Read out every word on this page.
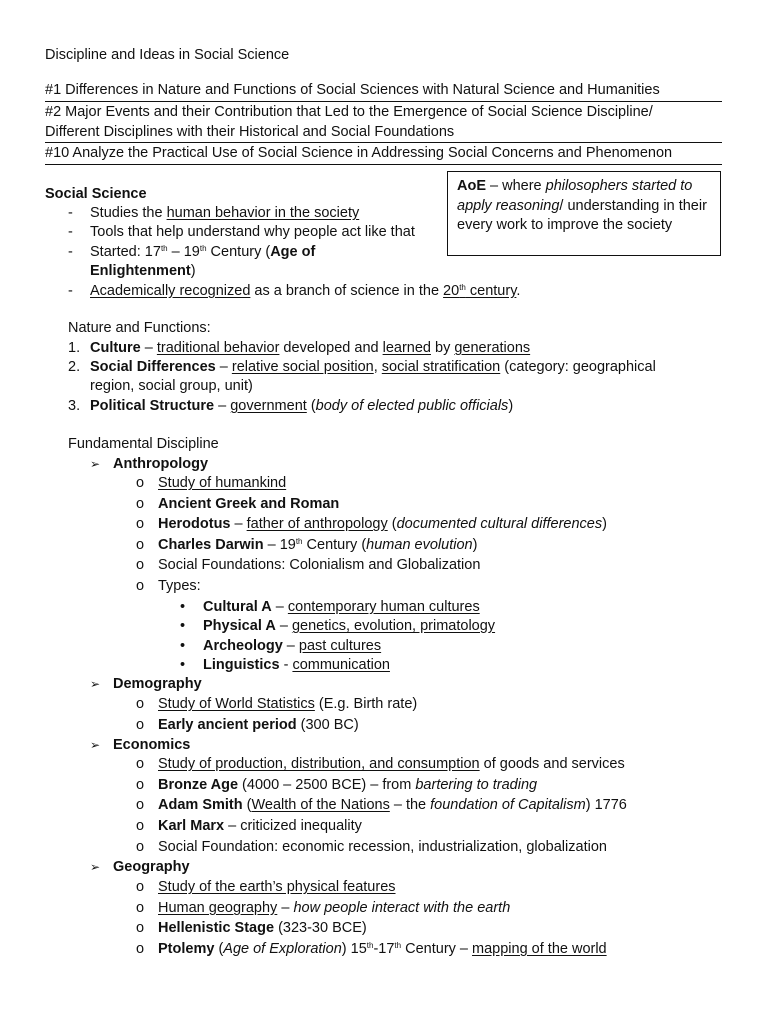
Discipline and Ideas in Social Science
#1 Differences in Nature and Functions of Social Sciences with Natural Science and Humanities
#2 Major Events and their Contribution that Led to the Emergence of Social Science Discipline/
Different Disciplines with their Historical and Social Foundations
#10 Analyze the Practical Use of Social Science in Addressing Social Concerns and Phenomenon
AoE – where philosophers started to apply reasoning/ understanding in their every work to improve the society
Social Science
- Studies the human behavior in the society
- Tools that help understand why people act like that
- Started: 17th – 19th Century (Age of
Enlightenment)
- Academically recognized as a branch of science in the 20th century.
Nature and Functions:
1. Culture – traditional behavior developed and learned by generations
2. Social Differences – relative social position, social stratification (category: geographical
region, social group, unit)
3. Political Structure – government (body of elected public officials)
Fundamental Discipline
➢ Anthropology
o Study of humankind
o Ancient Greek and Roman
o Herodotus – father of anthropology (documented cultural differences)
o Charles Darwin – 19th Century (human evolution)
o Social Foundations: Colonialism and Globalization
o Types:
• Cultural A – contemporary human cultures
• Physical A – genetics, evolution, primatology
• Archeology – past cultures
• Linguistics - communication
➢ Demography
o Study of World Statistics (E.g. Birth rate)
o Early ancient period (300 BC)
➢ Economics
o Study of production, distribution, and consumption of goods and services
o Bronze Age (4000 – 2500 BCE) – from bartering to trading
o Adam Smith (Wealth of the Nations – the foundation of Capitalism) 1776
o Karl Marx – criticized inequality
o Social Foundation: economic recession, industrialization, globalization
➢ Geography
o Study of the earth’s physical features
o Human geography – how people interact with the earth
o Hellenistic Stage (323-30 BCE)
o Ptolemy (Age of Exploration) 15th-17th Century – mapping of the world
